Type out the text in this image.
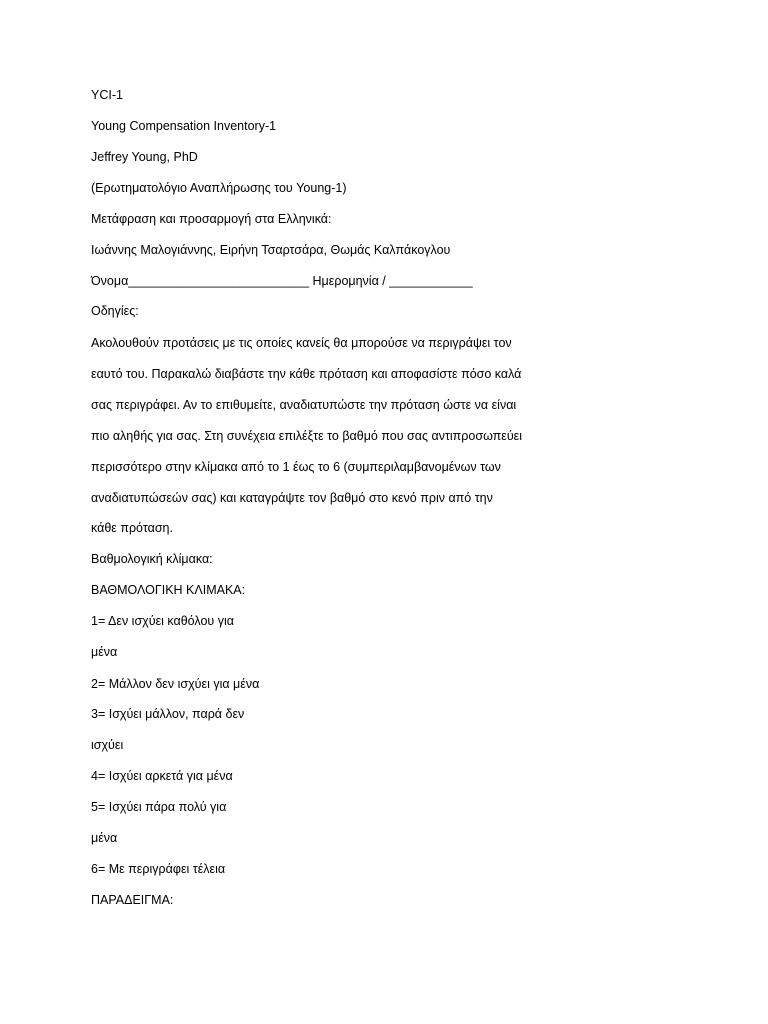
YCI-1

Young Compensation Inventory-1

Jeffrey Young, PhD

(Ερωτηματολόγιο Αναπλήρωσης του Young-1)

Μετάφραση και προσαρμογή στα Ελληνικά:

Ιωάννης Μαλογιάννης, Ειρήνη Τσαρτσάρα, Θωμάς Καλπάκογλου

Όνομα__________________________ Ημερομηνία / ____________

Οδηγίες:

Ακολουθούν προτάσεις με τις οποίες κανείς θα μπορούσε να περιγράψει τον

εαυτό του. Παρακαλώ διαβάστε την κάθε πρόταση και αποφασίστε πόσο καλά

σας περιγράφει. Αν το επιθυμείτε, αναδιατυπώστε την πρόταση ώστε να είναι

πιο αληθής για σας. Στη συνέχεια επιλέξτε το βαθμό που σας αντιπροσωπεύει

περισσότερο στην κλίμακα από το 1 έως το 6 (συμπεριλαμβανομένων των

αναδιατυπώσεών σας) και καταγράψτε τον βαθμό στο κενό πριν από την

κάθε πρόταση.

Βαθμολογική κλίμακα:

ΒΑΘΜΟΛΟΓΙΚΗ ΚΛΙΜΑΚΑ:

1= Δεν ισχύει καθόλου για

μένα

2= Μάλλον δεν ισχύει για μένα

3= Ισχύει μάλλον, παρά δεν

ισχύει

4= Ισχύει αρκετά για μένα

5= Ισχύει πάρα πολύ για

μένα

6= Με περιγράφει τέλεια

ΠΑΡΑΔΕΙΓΜΑ:
